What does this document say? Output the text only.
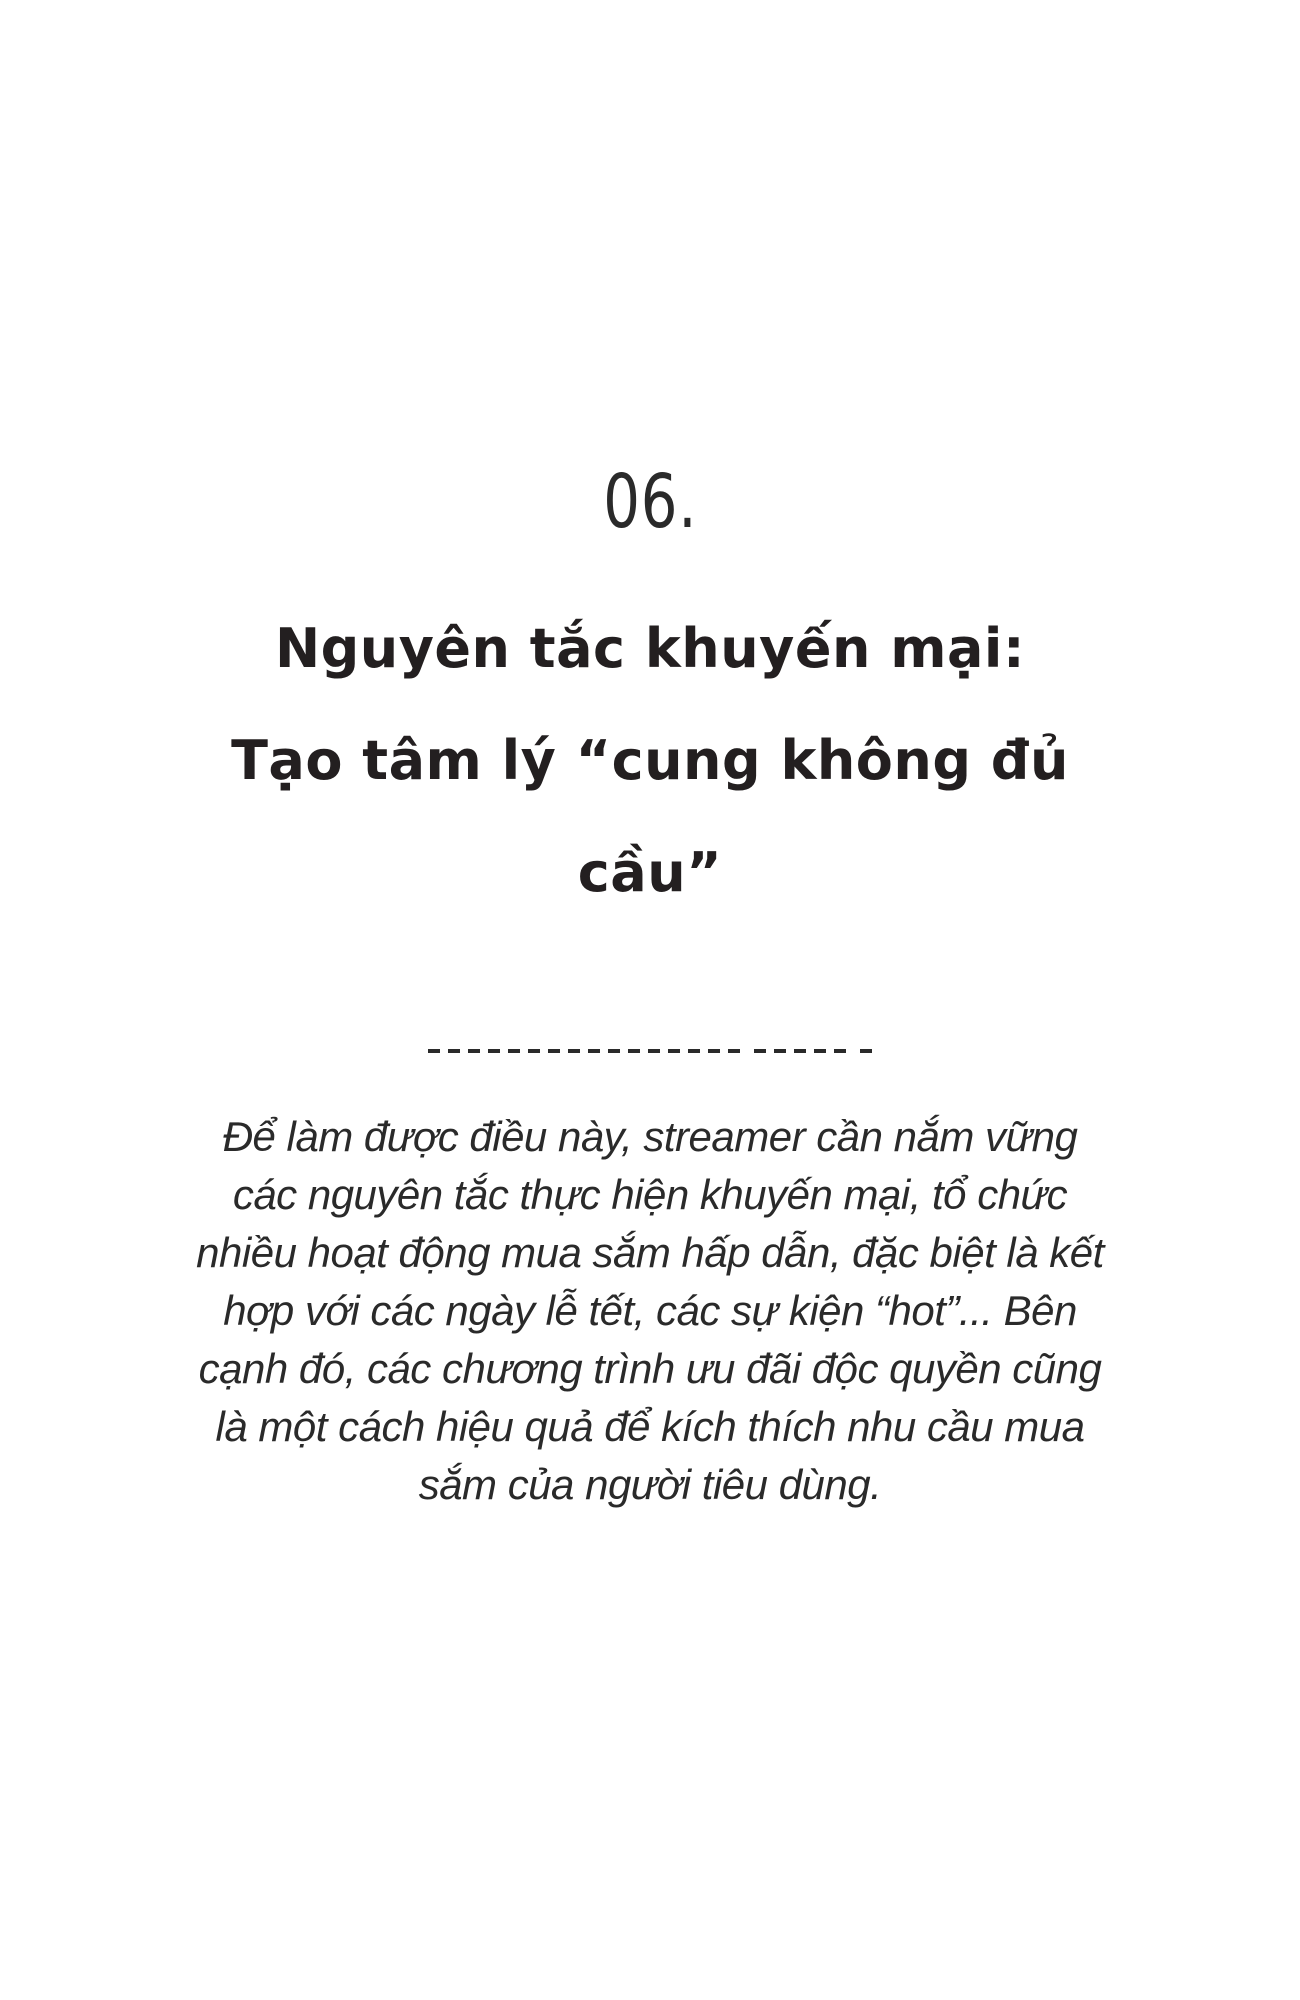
06.
Nguyên tắc khuyến mại:
Tạo tâm lý “cung không đủ
cầu”
Để làm được điều này, streamer cần nắm vững
các nguyên tắc thực hiện khuyến mại, tổ chức
nhiều hoạt động mua sắm hấp dẫn, đặc biệt là kết
hợp với các ngày lễ tết, các sự kiện “hot”... Bên
cạnh đó, các chương trình ưu đãi độc quyền cũng
là một cách hiệu quả để kích thích nhu cầu mua
sắm của người tiêu dùng.
